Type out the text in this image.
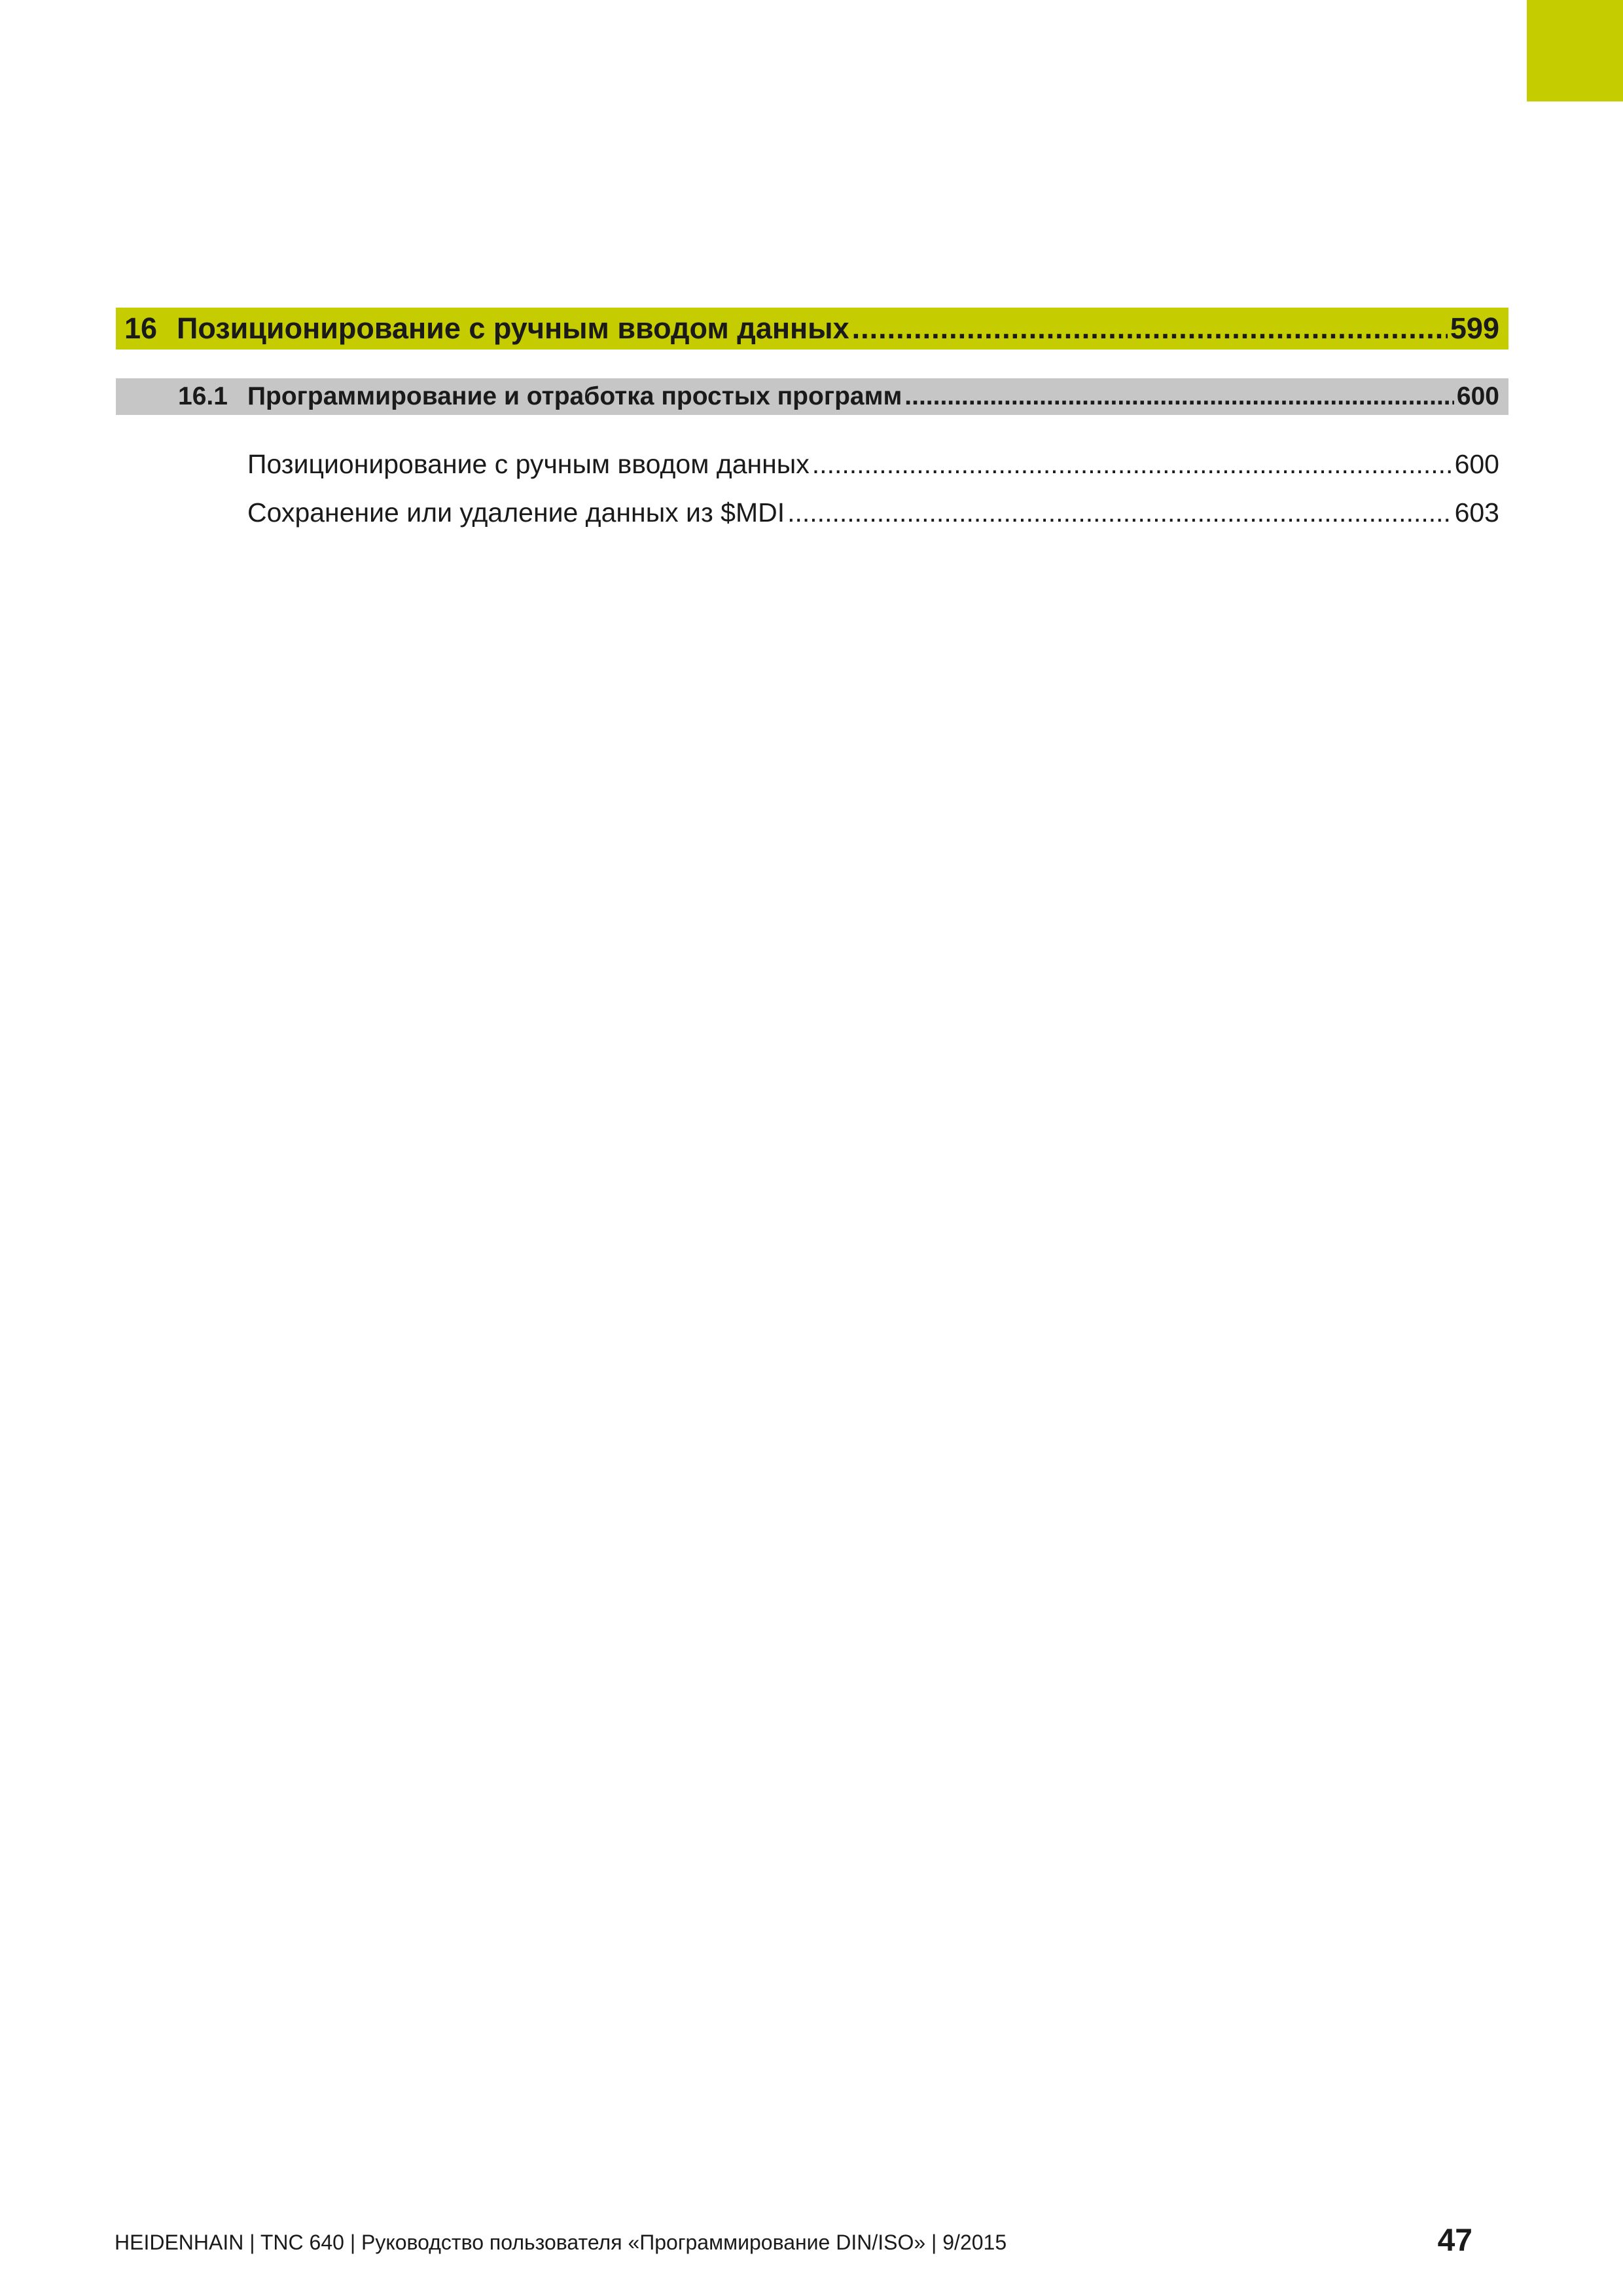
16 Позиционирование с ручным вводом данных .....	599
16.1 Программирование и отработка простых программ .....	600
Позиционирование с ручным вводом данных .....	600
Сохранение или удаление данных из $MDI .....	603
HEIDENHAIN | TNC 640 | Руководство пользователя «Программирование DIN/ISO» | 9/2015	47
